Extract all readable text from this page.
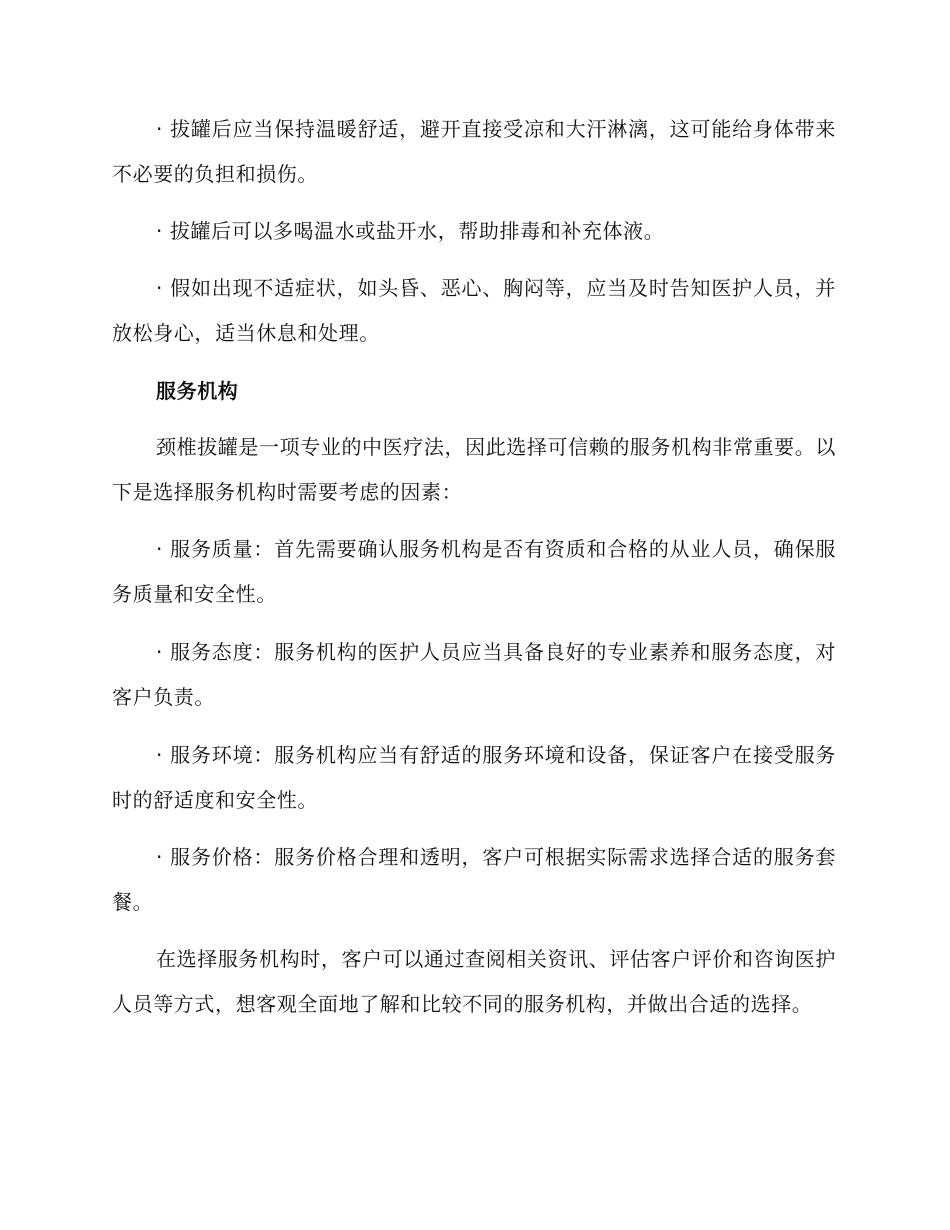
· 拔罐后应当保持温暖舒适，避开直接受凉和大汗淋漓，这可能给身体带来不必要的负担和损伤。

· 拔罐后可以多喝温水或盐开水，帮助排毒和补充体液。

· 假如出现不适症状，如头昏、恶心、胸闷等，应当及时告知医护人员，并放松身心，适当休息和处理。

服务机构

颈椎拔罐是一项专业的中医疗法，因此选择可信赖的服务机构非常重要。以下是选择服务机构时需要考虑的因素：

· 服务质量：首先需要确认服务机构是否有资质和合格的从业人员，确保服务质量和安全性。

· 服务态度：服务机构的医护人员应当具备良好的专业素养和服务态度，对客户负责。

· 服务环境：服务机构应当有舒适的服务环境和设备，保证客户在接受服务时的舒适度和安全性。

· 服务价格：服务价格合理和透明，客户可根据实际需求选择合适的服务套餐。

在选择服务机构时，客户可以通过查阅相关资讯、评估客户评价和咨询医护人员等方式，想客观全面地了解和比较不同的服务机构，并做出合适的选择。
